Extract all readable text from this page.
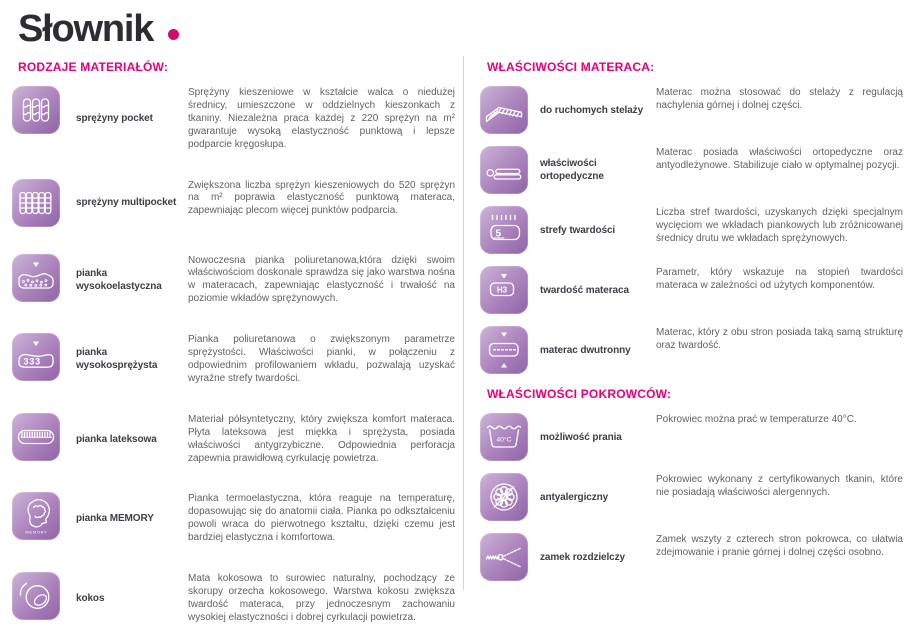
Słownik
RODZAJE MATERIAŁÓW:
sprężyny pocket
Sprężyny kieszeniowe w kształcie walca o niedużej średnicy, umieszczone w oddzielnych kieszonkach z tkaniny. Niezależna praca każdej z 220 sprężyn na m² gwarantuje wysoką elastyczność punktową i lepsze podparcie kręgosłupa.
sprężyny multipocket
Zwiększona liczba sprężyn kieszeniowych do 520 sprężyn na m² poprawia elastyczność punktową materaca, zapewniając plecom więcej punktów podparcia.
pianka wysokoelastyczna
Nowoczesna pianka poliuretanowa,która dzięki swoim właściwościom doskonale sprawdza się jako warstwa nośna w materacach, zapewniając elastyczność i trwałość na poziomie wkładów sprężynowych.
333
pianka wysokosprężysta
Pianka poliuretanowa o zwiększonym parametrze sprężystości. Właściwości pianki, w połączeniu z odpowiednim profilowaniem wkładu, pozwalają uzyskać wyraźne strefy twardości.
pianka lateksowa
Materiał półsyntetyczny, który zwiększa komfort materaca. Płyta lateksowa jest miękka i sprężysta, posiada właściwości antygrzybiczne. Odpowiednia perforacja zapewnia prawidłową cyrkulację powietrza.
MEMORY
pianka MEMORY
Pianka termoelastyczna, która reaguje na temperaturę, dopasowując się do anatomii ciała. Pianka po odkształceniu powoli wraca do pierwotnego kształtu, dzięki czemu jest bardziej elastyczna i komfortowa.
kokos
Mata kokosowa to surowiec naturalny, pochodzący ze skorupy orzecha kokosowego. Warstwa kokosu zwiększa twardość materaca, przy jednoczesnym zachowaniu wysokiej elastyczności i dobrej cyrkulacji powietrza.
WŁAŚCIWOŚCI MATERACA:
do ruchomych stelaży
Materac można stosować do stelaży z regulacją nachylenia górnej i dolnej części.
właściwości ortopedyczne
Materac posiada właściwości ortopedyczne oraz antyodleżynowe. Stabilizuje ciało w optymalnej pozycji.
5	strefy twardości
Liczba stref twardości, uzyskanych dzięki specjalnym wycięciom we wkładach piankowych lub zróżnicowanej średnicy drutu we wkładach sprężynowych.
H3	twardość materaca
Parametr, który wskazuje na stopień twardości materaca w zależności od użytych komponentów.
materac dwutronny
Materac, który z obu stron posiada taką samą strukturę oraz twardość.
WŁAŚCIWOŚCI POKROWCÓW:
40°C	możliwość prania
Pokrowiec można prać w temperaturze 40°C.
antyalergiczny
Pokrowiec wykonany z certyfikowanych tkanin, które nie posiadają właściwości alergennych.
zamek rozdzielczy
Zamek wszyty z czterech stron pokrowca, co ułatwia zdejmowanie i pranie górnej i dolnej części osobno.
